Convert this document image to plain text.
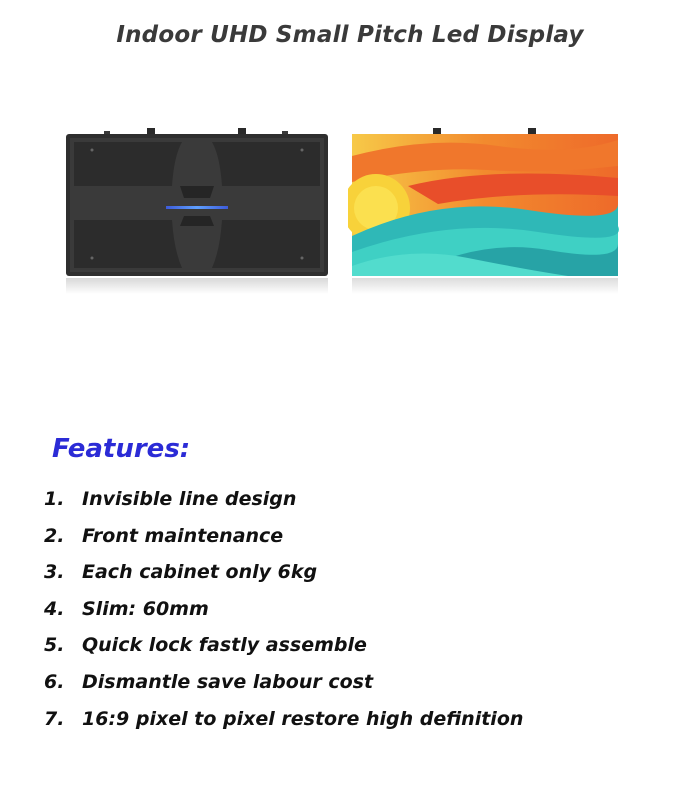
Indoor UHD Small Pitch Led Display
Features:
1. Invisible line design
2. Front maintenance
3. Each cabinet only 6kg
4. Slim: 60mm
5. Quick lock fastly assemble
6. Dismantle save labour cost
7. 16:9 pixel to pixel restore high definition
